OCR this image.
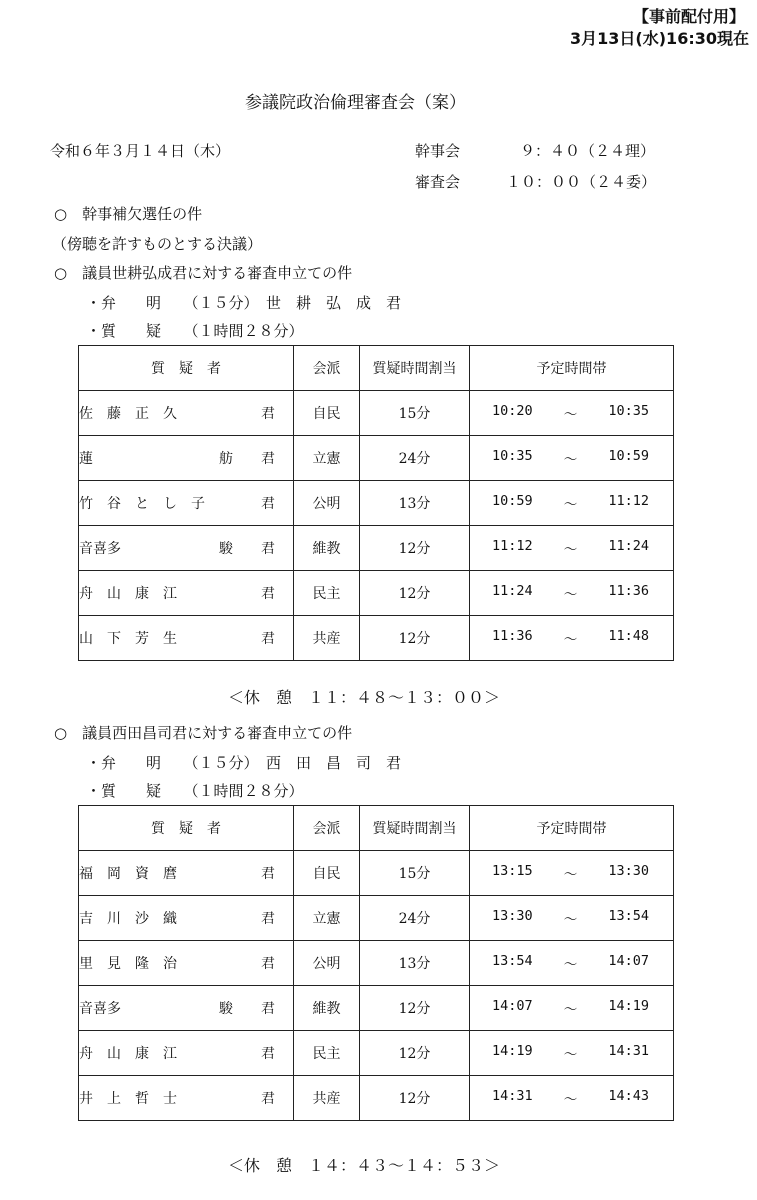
【事前配付用】
3月13日(水)16:30現在
参議院政治倫理審査会（案）
令和６年３月１４日（木）	幹事会	９：４０（２４理）
審査会	１０：００（２４委）
○　幹事補欠選任の件
（傍聴を許すものとする決議）
○　議員世耕弘成君に対する審査申立ての件
・弁　　明　　（１５分）　世　耕　弘　成　君
・質　　疑　　（１時間２８分）
質　疑　者	会派	質疑時間割当	予定時間帯

佐　藤　正　久 君	自民	15分	10:20 ～ 10:35

蓮 舫　　君	立憲	24分	10:35 ～ 10:59

竹　谷　と　し　子 君	公明	13分	10:59 ～ 11:12

音喜多 駿　　君	維教	12分	11:12 ～ 11:24

舟　山　康　江 君	民主	12分	11:24 ～ 11:36

山　下　芳　生 君	共産	12分	11:36 ～ 11:48
＜休　憩　１１：４８～１３：００＞
○　議員西田昌司君に対する審査申立ての件
・弁　　明　　（１５分）　西　田　昌　司　君
・質　　疑　　（１時間２８分）
質　疑　者	会派	質疑時間割当	予定時間帯

福　岡　資　麿 君	自民	15分	13:15 ～ 13:30

吉　川　沙　織 君	立憲	24分	13:30 ～ 13:54

里　見　隆　治 君	公明	13分	13:54 ～ 14:07

音喜多 駿　　君	維教	12分	14:07 ～ 14:19

舟　山　康　江 君	民主	12分	14:19 ～ 14:31

井　上　哲　士 君	共産	12分	14:31 ～ 14:43
＜休　憩　１４：４３～１４：５３＞
